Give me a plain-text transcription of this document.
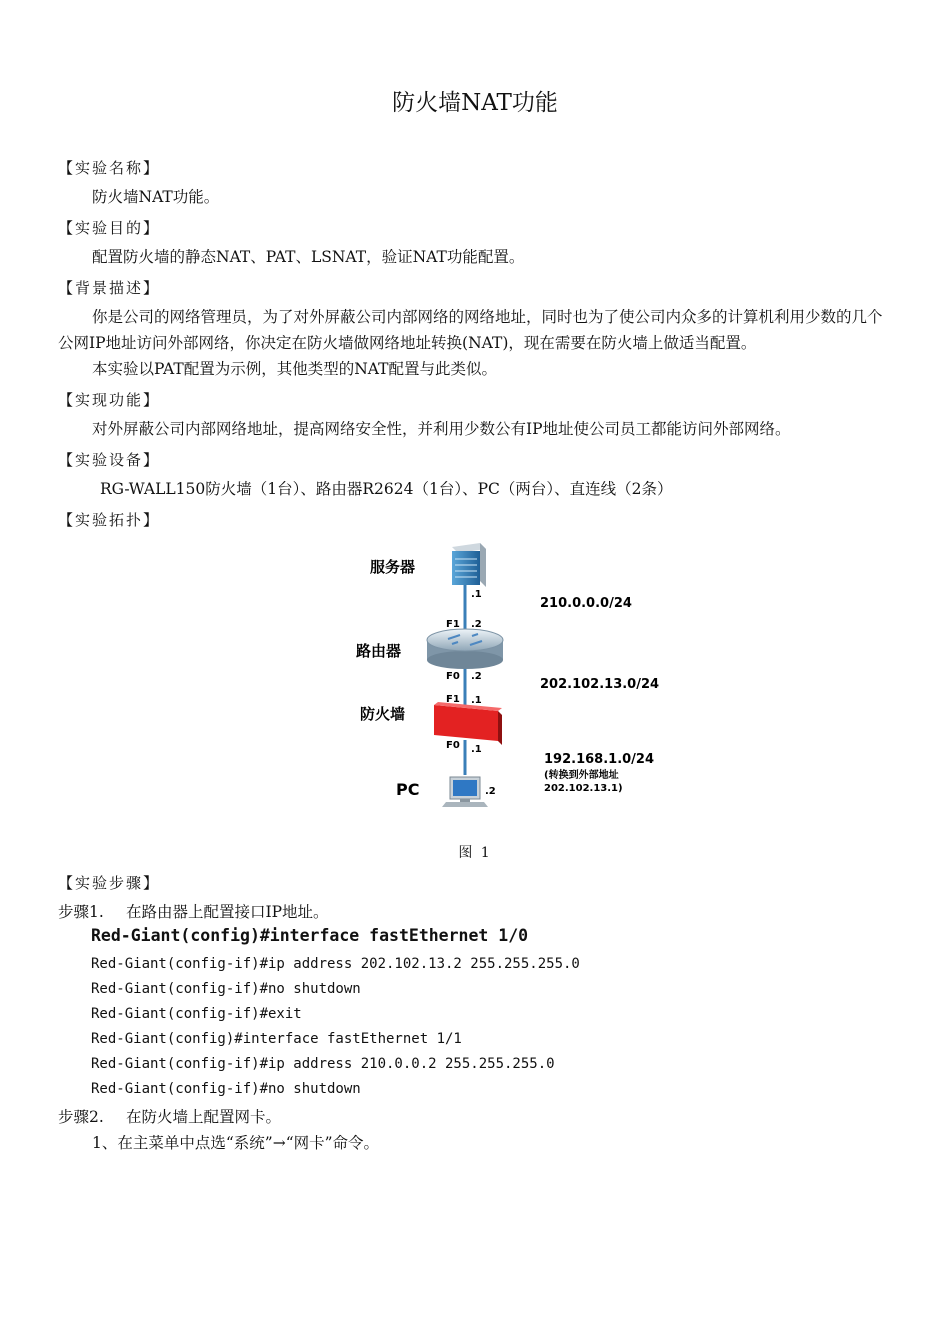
防火墙NAT功能
【实验名称】
防火墙NAT功能。
【实验目的】
配置防火墙的静态NAT、PAT、LSNAT，验证NAT功能配置。
【背景描述】
你是公司的网络管理员，为了对外屏蔽公司内部网络的网络地址，同时也为了使公司内众多的计算机利用少数的几个公网IP地址访问外部网络，你决定在防火墙做网络地址转换(NAT)，现在需要在防火墙上做适当配置。
本实验以PAT配置为示例，其他类型的NAT配置与此类似。
【实现功能】
对外屏蔽公司内部网络地址，提高网络安全性，并利用少数公有IP地址使公司员工都能访问外部网络。
【实验设备】
RG-WALL150防火墙（1台）、路由器R2624（1台）、PC（两台）、直连线（2条）
【实验拓扑】
服务器
.1
路由器
F1 .2
F0 .2
防火墙
F1 .1
F0 .1
PC	.2
210.0.0.0/24
202.102.13.0/24
192.168.1.0/24
(转换到外部地址
202.102.13.1)
图 1
【实验步骤】
步骤1. 在路由器上配置接口IP地址。
Red-Giant(config)#interface fastEthernet 1/0
Red-Giant(config-if)#ip address 202.102.13.2 255.255.255.0
Red-Giant(config-if)#no shutdown
Red-Giant(config-if)#exit
Red-Giant(config)#interface fastEthernet 1/1
Red-Giant(config-if)#ip address 210.0.0.2 255.255.255.0
Red-Giant(config-if)#no shutdown
步骤2. 在防火墙上配置网卡。
1、在主菜单中点选“系统”→“网卡”命令。
